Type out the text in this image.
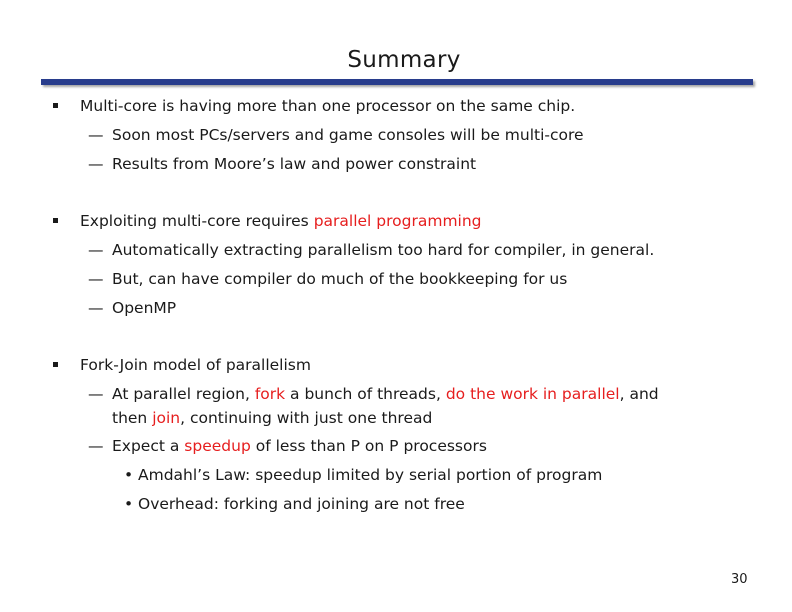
Summary
Multi-core is having more than one processor on the same chip.
— Soon most PCs/servers and game consoles will be multi-core
— Results from Moore’s law and power constraint
Exploiting multi-core requires parallel programming
— Automatically extracting parallelism too hard for compiler, in general.
— But, can have compiler do much of the bookkeeping for us
— OpenMP
Fork-Join model of parallelism
— At parallel region, fork a bunch of threads, do the work in parallel, and
then join, continuing with just one thread
— Expect a speedup of less than P on P processors
• Amdahl’s Law: speedup limited by serial portion of program
• Overhead: forking and joining are not free
30
